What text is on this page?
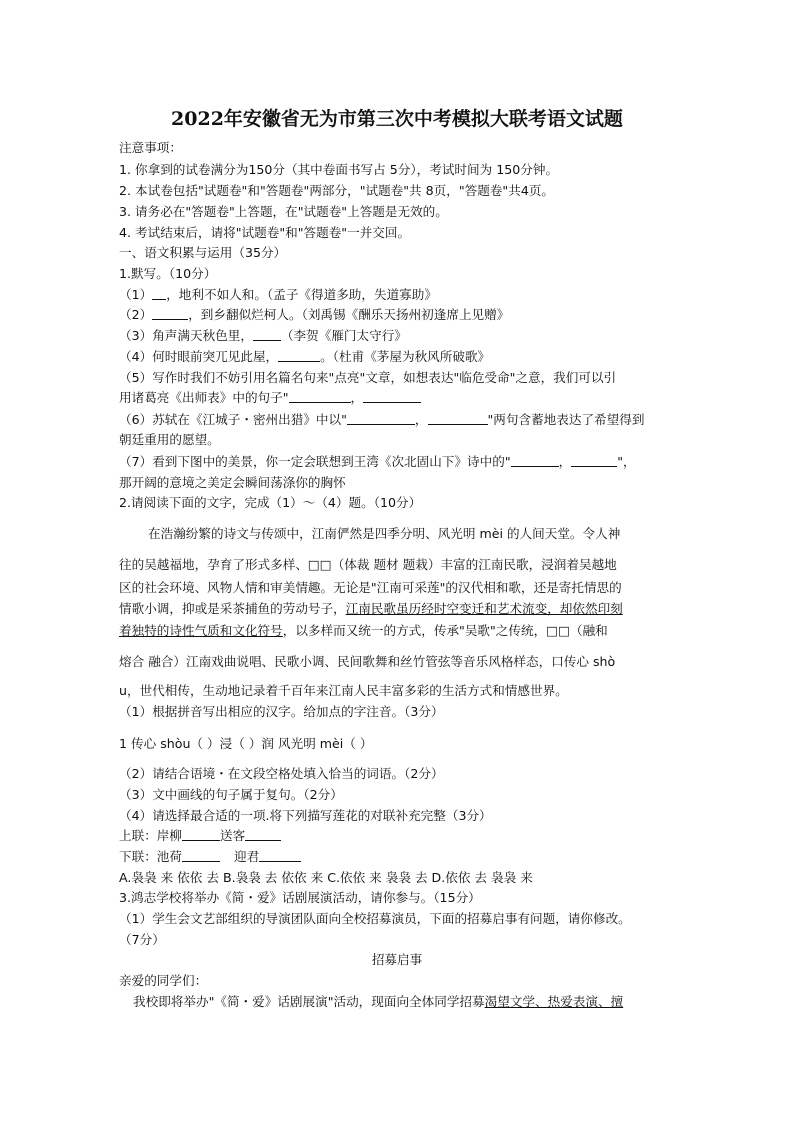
2022年安徽省无为市第三次中考模拟大联考语文试题
注意事项：
1. 你拿到的试卷满分为150分（其中卷面书写占 5分），考试时间为 150分钟。
2. 本试卷包括"试题卷"和"答题卷"两部分，"试题卷"共 8页，"答题卷"共4页。
3. 请务必在"答题卷"上答题，在"试题卷"上答题是无效的。
4. 考试结束后，请将"试题卷"和"答题卷"一并交回。
一、语文积累与运用（35分）
1.默写。（10分）
（1） ，地利不如人和。（孟子《得道多助，失道寡助》
（2）	，到乡翻似烂柯人。（刘禹锡《酬乐天扬州初逢席上见赠》
（3）角声满天秋色里， （李贺《雁门太守行》
（4）何时眼前突兀见此屋，	。（杜甫《茅屋为秋风所破歌》
（5）写作时我们不妨引用名篇名句来"点亮"文章，如想表达"临危受命"之意，我们可以引
用诸葛亮《出师表》中的句子"	，
（6）苏轼在《江城子・密州出猎》中以"	，	"两句含蓄地表达了希望得到
朝廷重用的愿望。
（7）看到下图中的美景，你一定会联想到王湾《次北固山下》诗中的"	，	"，
那开阔的意境之美定会瞬间荡涤你的胸怀
2.请阅读下面的文字，完成（1）～（4）题。（10分）
在浩瀚纷繁的诗文与传颂中，江南俨然是四季分明、风光明 mèi 的人间天堂。令人神
往的吴越福地，孕育了形式多样、□□（体裁 题材 题栽）丰富的江南民歌，浸润着吴越地
区的社会环境、风物人情和审美情趣。无论是"江南可采莲"的汉代相和歌，还是寄托情思的
情歌小调，抑或是采茶捕鱼的劳动号子，江南民歌虽历经时空变迁和艺术流变，却依然印刻
着独特的诗性气质和文化符号，以多样而又统一的方式，传承"吴歌"之传统，□□（融和
熔合 融合）江南戏曲说唱、民歌小调、民间歌舞和丝竹管弦等音乐风格样态，口传心 shò
u，世代相传，生动地记录着千百年来江南人民丰富多彩的生活方式和情感世界。
（1）根据拼音写出相应的汉字。给加点的字注音。（3分）
1 传心 shòu（ ）浸（ ）润 风光明 mèi（ ）
（2）请结合语境・在文段空格处填入恰当的词语。（2分）
（3）文中画线的句子属于复句。（2分）
（4）请选择最合适的一项.将下列描写莲花的对联补充完整（3分）
上联：岸柳	送客
下联：池荷	迎君
A.袅袅 来 依依 去 B.袅袅 去 依依 来 C.依依 来 袅袅 去 D.依依 去 袅袅 来
3.鸿志学校将举办《简・爱》话剧展演活动，请你参与。（15分）
（1）学生会文艺部组织的导演团队面向全校招募演员，下面的招募启事有问题，请你修改。
（7分）
招募启事
亲爱的同学们：
我校即将举办"《简・爱》话剧展演"活动，现面向全体同学招募渴望文学、热爱表演、擅
